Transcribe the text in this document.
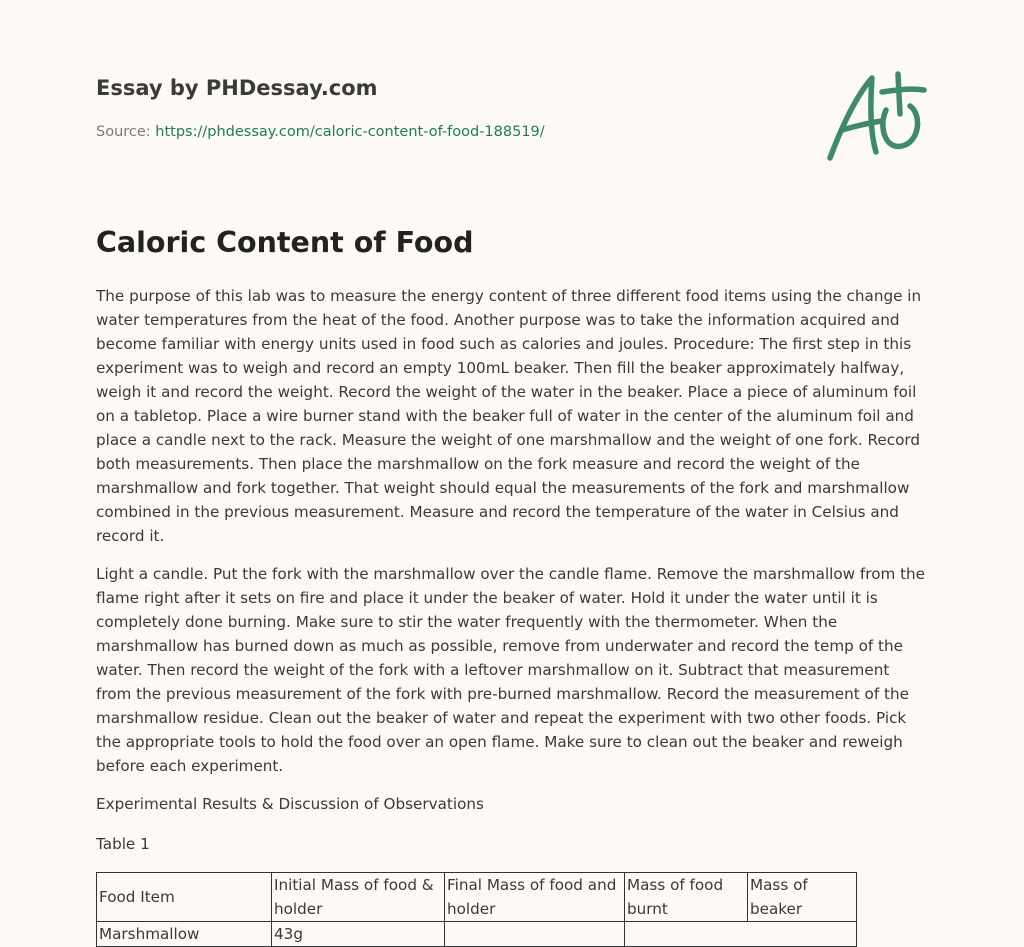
Essay by PHDessay.com
Source: https://phdessay.com/caloric-content-of-food-188519/
Caloric Content of Food

The purpose of this lab was to measure the energy content of three different food items using the change in water temperatures from the heat of the food. Another purpose was to take the information acquired and become familiar with energy units used in food such as calories and joules. Procedure: The first step in this experiment was to weigh and record an empty 100mL beaker. Then fill the beaker approximately halfway, weigh it and record the weight. Record the weight of the water in the beaker. Place a piece of aluminum foil on a tabletop. Place a wire burner stand with the beaker full of water in the center of the aluminum foil and place a candle next to the rack. Measure the weight of one marshmallow and the weight of one fork. Record both measurements. Then place the marshmallow on the fork measure and record the weight of the marshmallow and fork together. That weight should equal the measurements of the fork and marshmallow combined in the previous measurement. Measure and record the temperature of the water in Celsius and record it.

Light a candle. Put the fork with the marshmallow over the candle flame. Remove the marshmallow from the flame right after it sets on fire and place it under the beaker of water. Hold it under the water until it is completely done burning. Make sure to stir the water frequently with the thermometer. When the marshmallow has burned down as much as possible, remove from underwater and record the temp of the water. Then record the weight of the fork with a leftover marshmallow on it. Subtract that measurement from the previous measurement of the fork with pre-burned marshmallow. Record the measurement of the marshmallow residue. Clean out the beaker of water and repeat the experiment with two other foods. Pick the appropriate tools to hold the food over an open flame. Make sure to clean out the beaker and reweigh before each experiment.

Experimental Results & Discussion of Observations

Table 1

Food Item	Initial Mass of food & holder	Final Mass of food and holder	Mass of food burnt	Mass of beaker
Marshmallow	43g			
